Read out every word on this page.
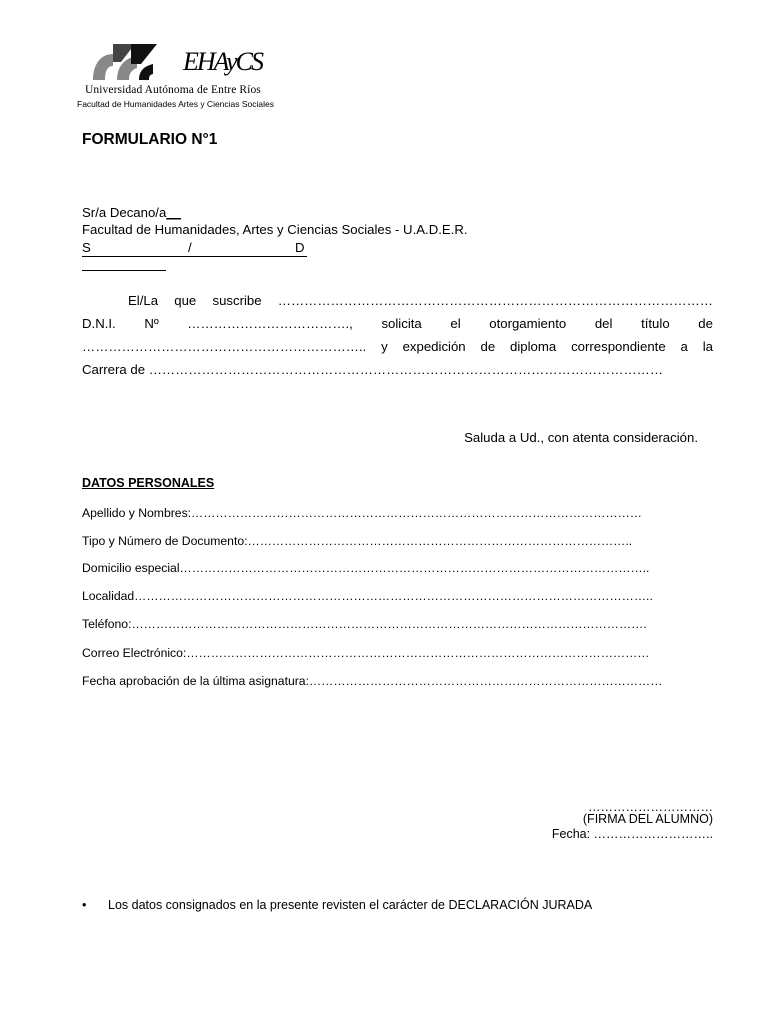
EHAyCS
Universidad Autónoma de Entre Ríos
Facultad de Humanidades Artes y Ciencias Sociales
FORMULARIO N°1
Sr/a Decano/a__
Facultad de Humanidades, Artes y Ciencias Sociales - U.A.D.E.R.
S	/	D
El/La que suscribe ………………………………………………………………………………………
D.N.I. Nº ………………………………., solicita el otorgamiento del título de
……………………………………………………….. y expedición de diploma correspondiente a la
Carrera de ………………………………………………………………………………………………………
Saluda a Ud., con atenta consideración.
DATOS PERSONALES
Apellido y Nombres:…………………………………………………………………………………………………
Tipo y Número de Documento:…………………………………………………………………………………..
Domicilio especial……………………………………………………………………………………………………..
Localidad………………………………………………………………………………………………………………..
Teléfono:……………………………………………………………………………………………………………….
Correo Electrónico:……………………………………………………………………………………………………
Fecha aprobación de la última asignatura:……………………………………………………………………………
…………………………
(FIRMA DEL ALUMNO)
Fecha: ………………………..
• Los datos consignados en la presente revisten el carácter de DECLARACIÓN JURADA
